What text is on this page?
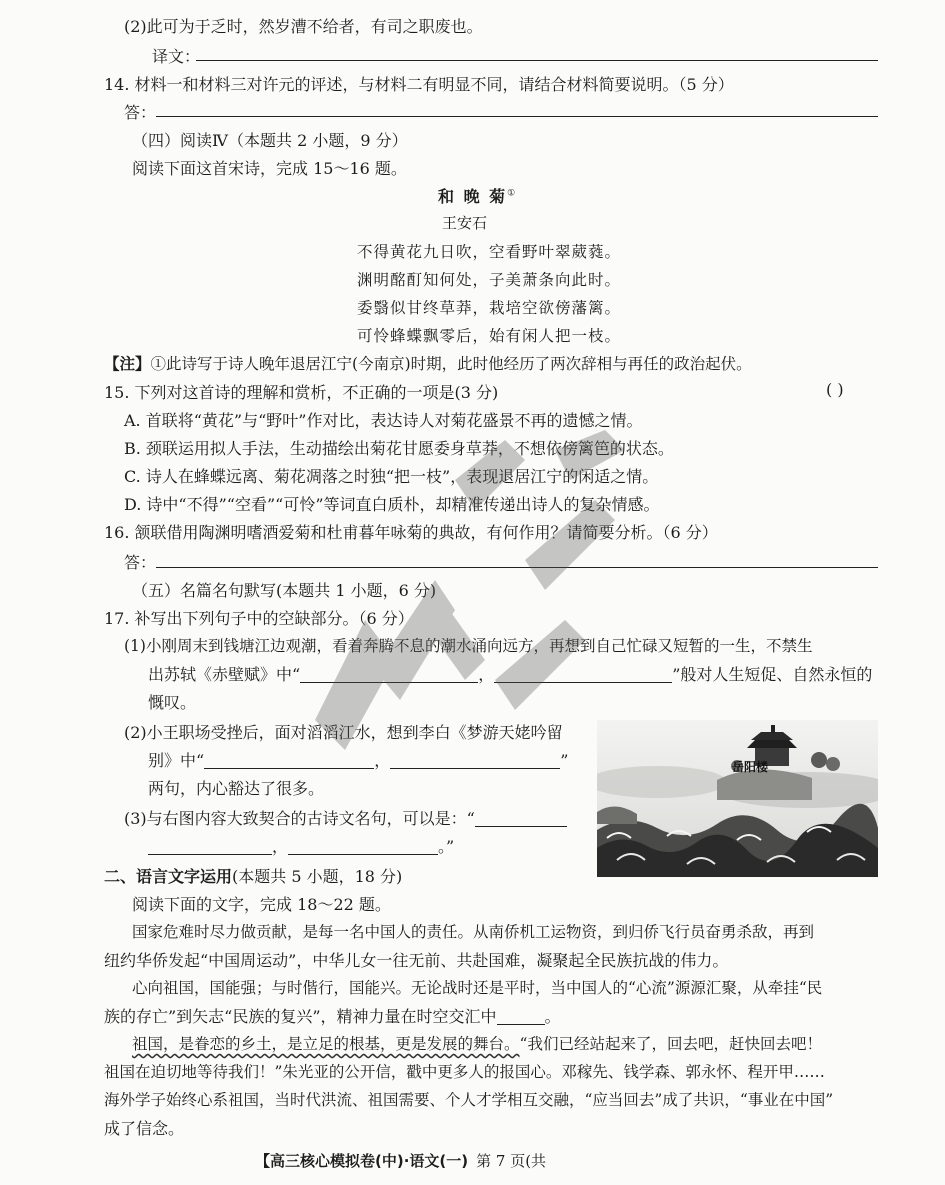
(2)此可为于乏时，然岁漕不给者，有司之职废也。
译文：
14. 材料一和材料三对许元的评述，与材料二有明显不同，请结合材料简要说明。（5 分）
答：
（四）阅读Ⅳ（本题共 2 小题，9 分）
阅读下面这首宋诗，完成 15～16 题。
和 晚 菊①
王安石
不得黄花九日吹，空看野叶翠葳蕤。
渊明酩酊知何处，子美萧条向此时。
委翳似甘终草莽，栽培空欲傍藩篱。
可怜蜂蝶飘零后，始有闲人把一枝。
【注】①此诗写于诗人晚年退居江宁(今南京)时期，此时他经历了两次辞相与再任的政治起伏。
15. 下列对这首诗的理解和赏析，不正确的一项是(3 分)	( )
A. 首联将“黄花”与“野叶”作对比，表达诗人对菊花盛景不再的遗憾之情。
B. 颈联运用拟人手法，生动描绘出菊花甘愿委身草莽，不想依傍篱笆的状态。
C. 诗人在蜂蝶远离、菊花凋落之时独“把一枝”，表现退居江宁的闲适之情。
D. 诗中“不得”“空看”“可怜”等词直白质朴，却精准传递出诗人的复杂情感。
16. 颔联借用陶渊明嗜酒爱菊和杜甫暮年咏菊的典故，有何作用？请简要分析。（6 分）
答：
（五）名篇名句默写(本题共 1 小题，6 分)
17. 补写出下列句子中的空缺部分。（6 分）
(1)小刚周末到钱塘江边观潮，看着奔腾不息的潮水涌向远方，再想到自己忙碌又短暂的一生，不禁生
出苏轼《赤壁赋》中“	，	”般对人生短促、自然永恒的
慨叹。
(2)小王职场受挫后，面对滔滔江水，想到李白《梦游天姥吟留
别》中“	，	”
两句，内心豁达了很多。
(3)与右图内容大致契合的古诗文名句，可以是：“
，	。”
岳阳楼
二、语言文字运用(本题共 5 小题，18 分)
阅读下面的文字，完成 18～22 题。
国家危难时尽力做贡献，是每一名中国人的责任。从南侨机工运物资，到归侨飞行员奋勇杀敌，再到
纽约华侨发起“中国周运动”，中华儿女一往无前、共赴国难，凝聚起全民族抗战的伟力。
心向祖国，国能强；与时偕行，国能兴。无论战时还是平时，当中国人的“心流”源源汇聚，从牵挂“民
族的存亡”到矢志“民族的复兴”，精神力量在时空交汇中	。
祖国，是眷恋的乡土，是立足的根基，更是发展的舞台。“我们已经站起来了，回去吧，赶快回去吧！
祖国在迫切地等待我们！”朱光亚的公开信，戳中更多人的报国心。邓稼先、钱学森、郭永怀、程开甲……
海外学子始终心系祖国，当时代洪流、祖国需要、个人才学相互交融，“应当回去”成了共识，“事业在中国”
成了信念。
【高三核心模拟卷(中)·语文(一) 第 7 页(共
